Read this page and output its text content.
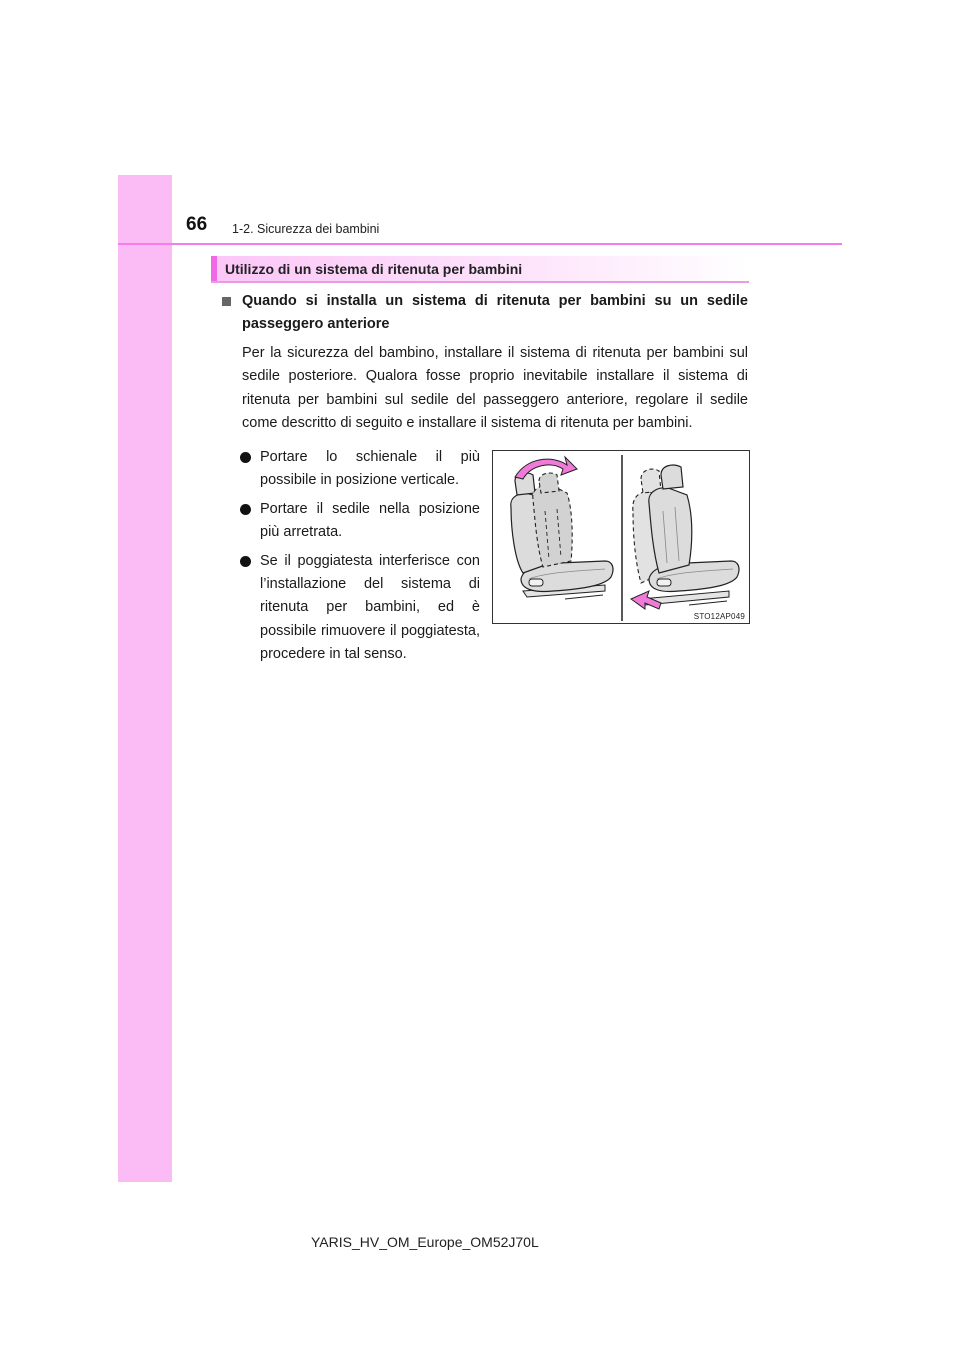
66 1-2. Sicurezza dei bambini
Utilizzo di un sistema di ritenuta per bambini
Quando si installa un sistema di ritenuta per bambini su un sedile passeggero anteriore
Per la sicurezza del bambino, installare il sistema di ritenuta per bambini sul sedile posteriore. Qualora fosse proprio inevitabile installare il sistema di ritenuta per bambini sul sedile del passeggero anteriore, regolare il sedile come descritto di seguito e installare il sistema di ritenuta per bambini.
Portare lo schienale il più possibile in posizione verticale.
Portare il sedile nella posizione più arretrata.
Se il poggiatesta interferisce con l’installazione del sistema di ritenuta per bambini, ed è possibile rimuovere il poggiatesta, procedere in tal senso.
STO12AP049
YARIS_HV_OM_Europe_OM52J70L
